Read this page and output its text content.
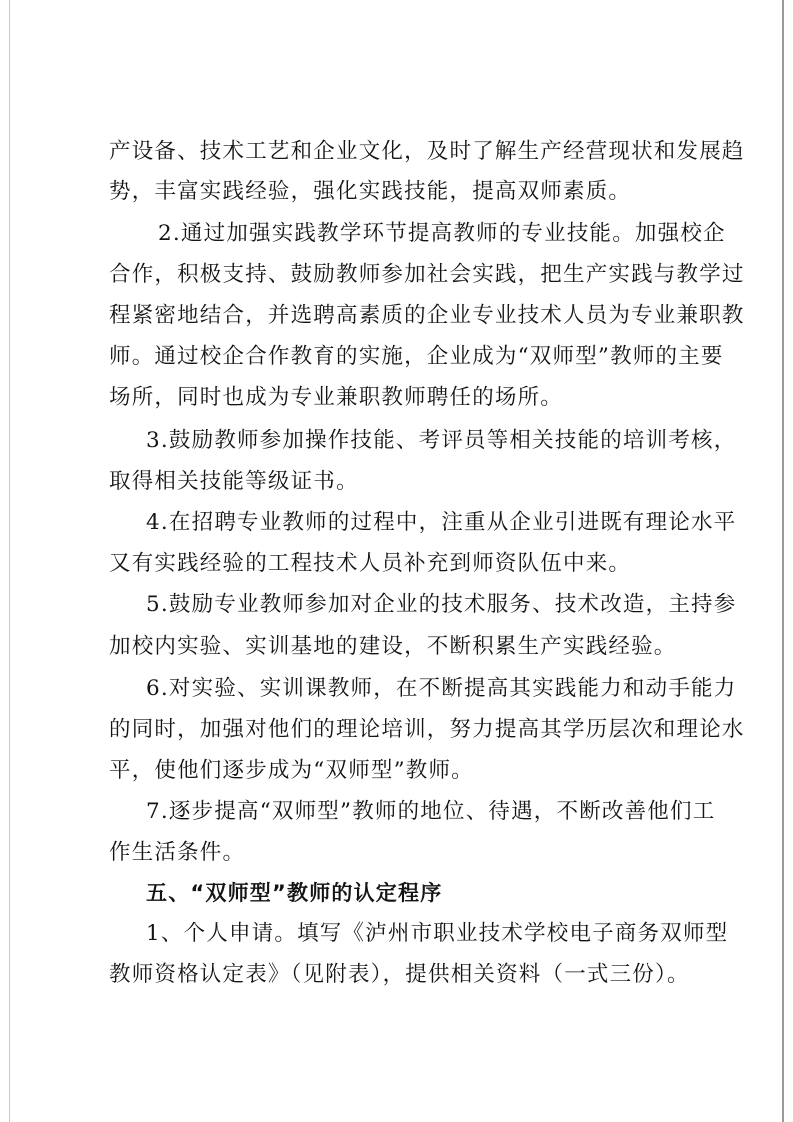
产设备、技术工艺和企业文化，及时了解生产经营现状和发展趋
势，丰富实践经验，强化实践技能，提高双师素质。
2.通过加强实践教学环节提高教师的专业技能。加强校企
合作，积极支持、鼓励教师参加社会实践，把生产实践与教学过
程紧密地结合，并选聘高素质的企业专业技术人员为专业兼职教
师。通过校企合作教育的实施，企业成为“双师型”教师的主要
场所，同时也成为专业兼职教师聘任的场所。
3.鼓励教师参加操作技能、考评员等相关技能的培训考核，
取得相关技能等级证书。
4.在招聘专业教师的过程中，注重从企业引进既有理论水平
又有实践经验的工程技术人员补充到师资队伍中来。
5.鼓励专业教师参加对企业的技术服务、技术改造，主持参
加校内实验、实训基地的建设，不断积累生产实践经验。
6.对实验、实训课教师，在不断提高其实践能力和动手能力
的同时，加强对他们的理论培训，努力提高其学历层次和理论水
平，使他们逐步成为“双师型”教师。
7.逐步提高“双师型”教师的地位、待遇，不断改善他们工
作生活条件。
五、“双师型”教师的认定程序
1、个人申请。填写《泸州市职业技术学校电子商务双师型
教师资格认定表》（见附表），提供相关资料（一式三份）。
